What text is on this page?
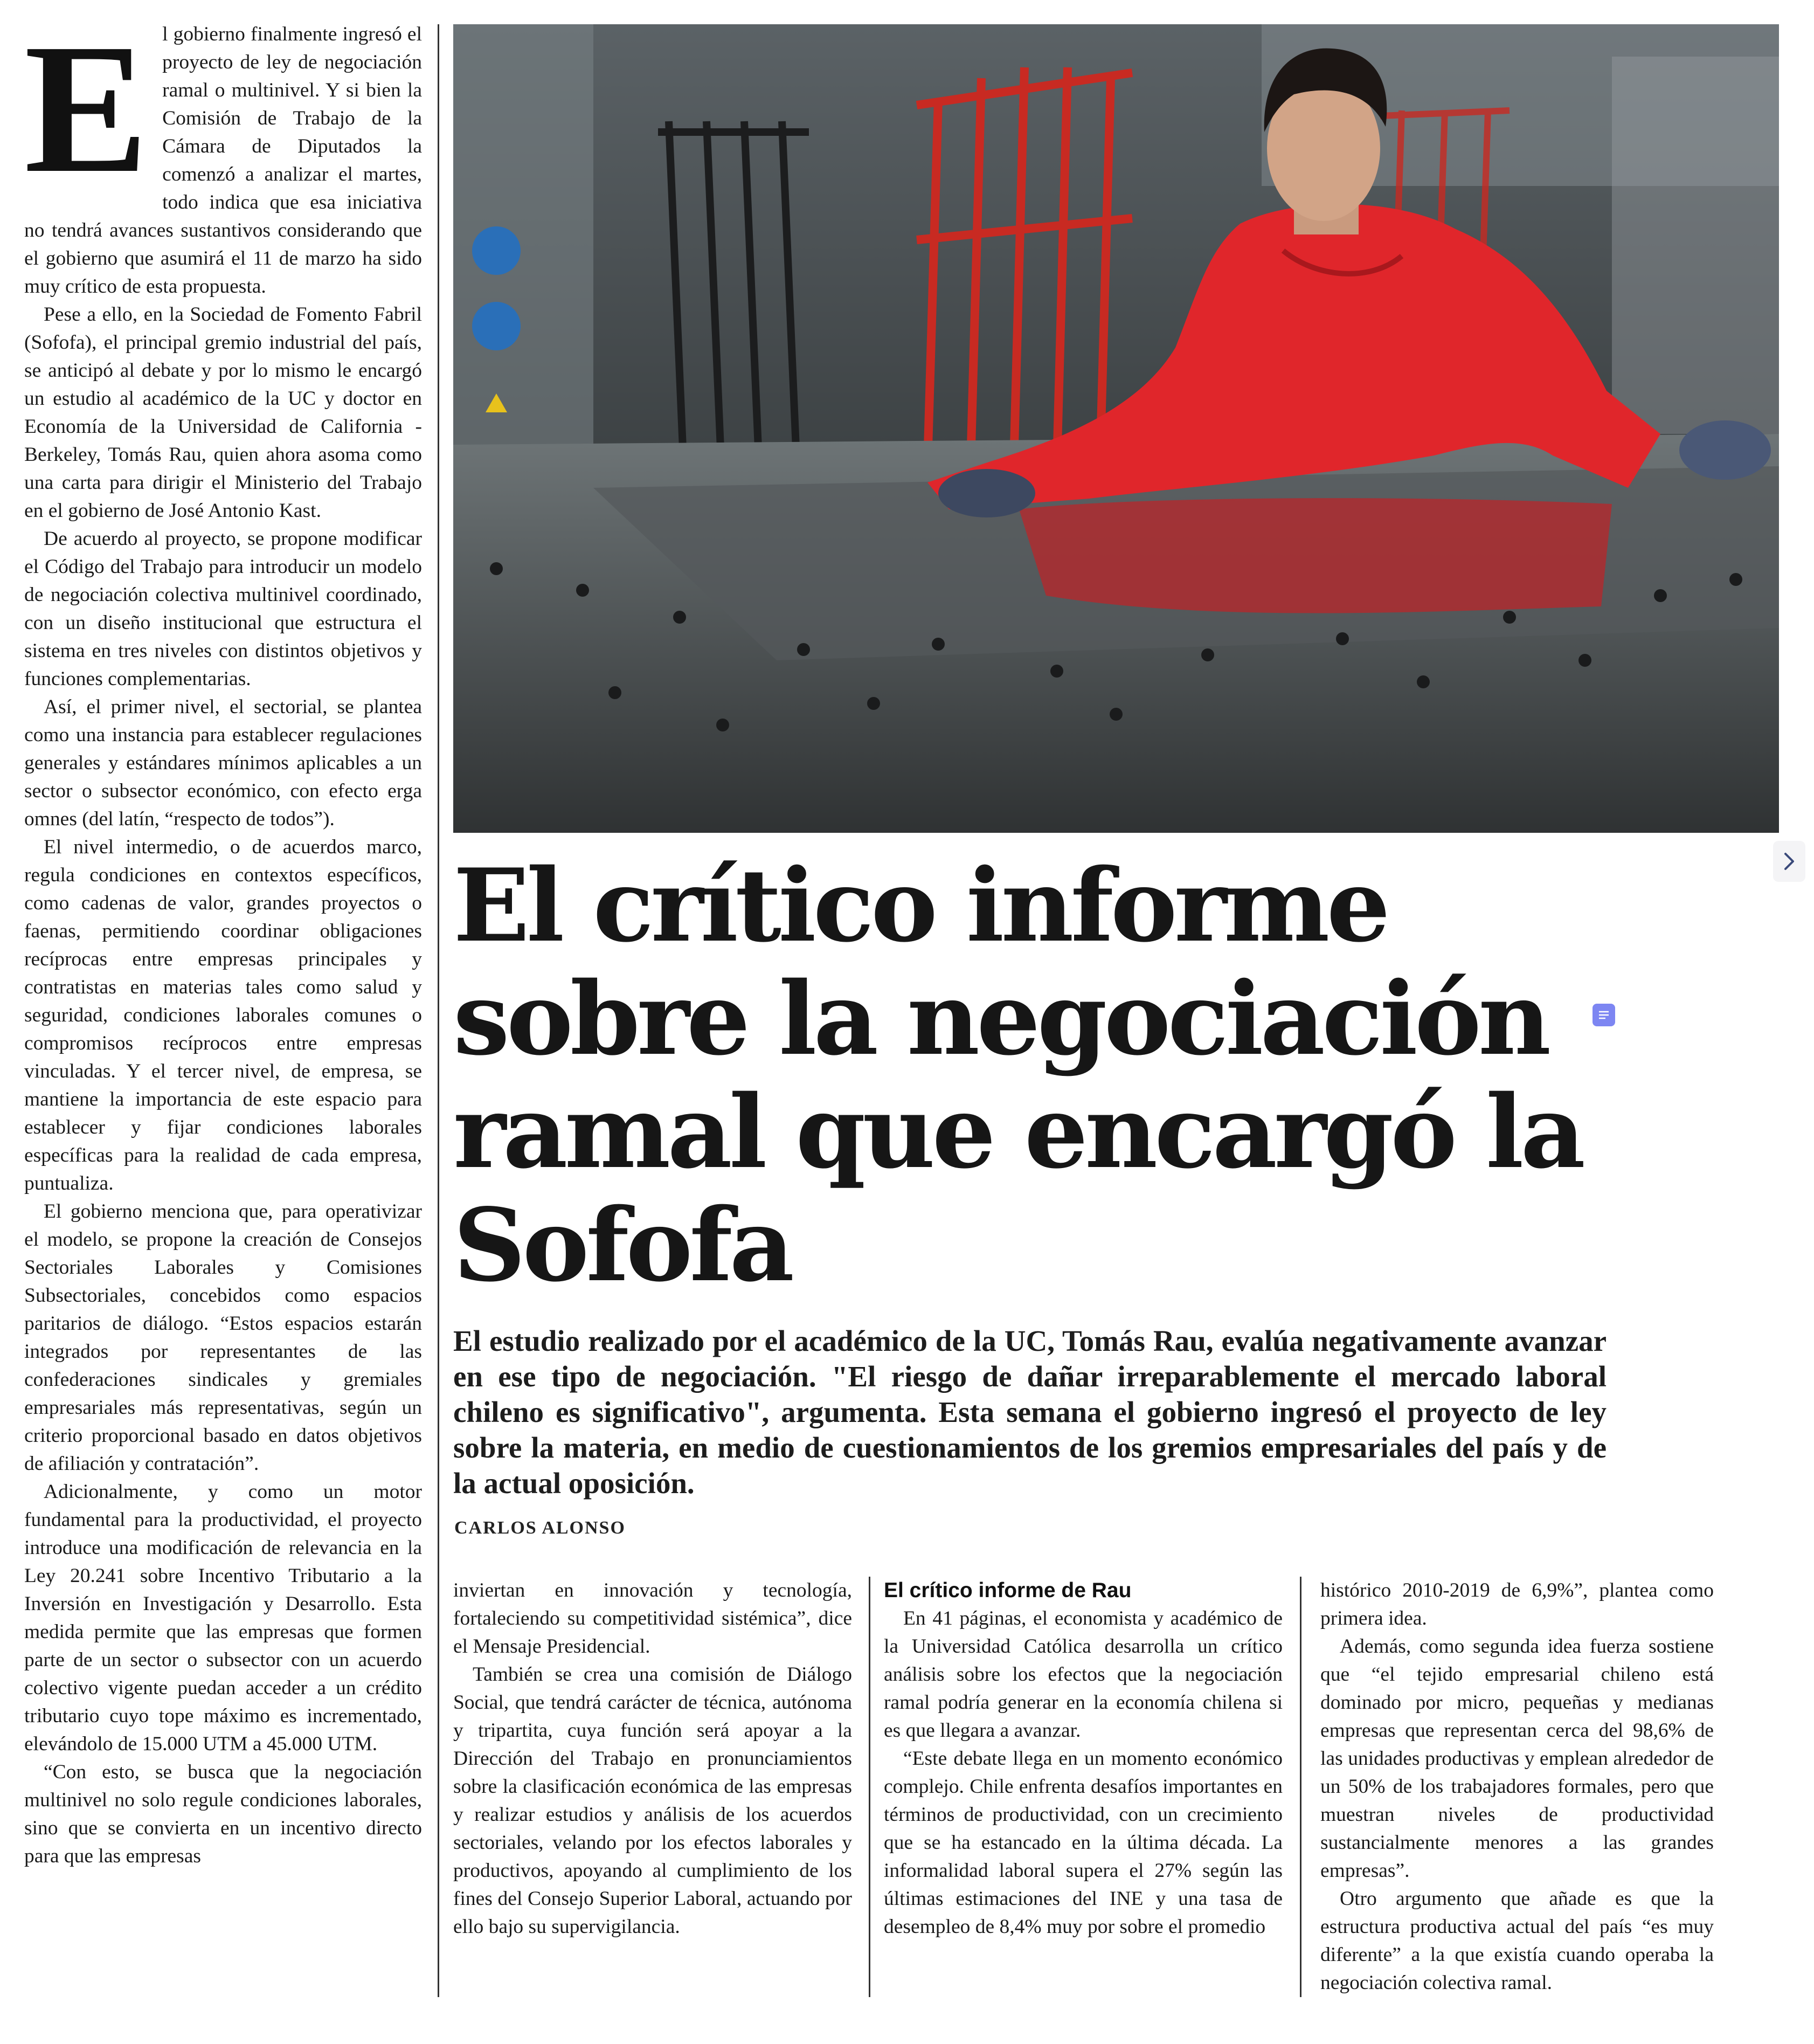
E l gobierno finalmente ingresó el proyecto de ley de negociación ramal o multinivel. Y si bien la Comisión de Trabajo de la Cámara de Diputados la comenzó a analizar el martes, todo indica que esa iniciativa no tendrá avances sustantivos considerando que el gobierno que asumirá el 11 de marzo ha sido muy crítico de esta propuesta.

Pese a ello, en la Sociedad de Fomento Fabril (Sofofa), el principal gremio industrial del país, se anticipó al debate y por lo mismo le encargó un estudio al académico de la UC y doctor en Economía de la Universidad de California - Berkeley, Tomás Rau, quien ahora asoma como una carta para dirigir el Ministerio del Trabajo en el gobierno de José Antonio Kast.

De acuerdo al proyecto, se propone modificar el Código del Trabajo para introducir un modelo de negociación colectiva multinivel coordinado, con un diseño institucional que estructura el sistema en tres niveles con distintos objetivos y funciones complementarias.

Así, el primer nivel, el sectorial, se plantea como una instancia para establecer regulaciones generales y estándares mínimos aplicables a un sector o subsector económico, con efecto erga omnes (del latín, “respecto de todos”).

El nivel intermedio, o de acuerdos marco, regula condiciones en contextos específicos, como cadenas de valor, grandes proyectos o faenas, permitiendo coordinar obligaciones recíprocas entre empresas principales y contratistas en materias tales como salud y seguridad, condiciones laborales comunes o compromisos recíprocos entre empresas vinculadas. Y el tercer nivel, de empresa, se mantiene la importancia de este espacio para establecer y fijar condiciones laborales específicas para la realidad de cada empresa, puntualiza.

El gobierno menciona que, para operativizar el modelo, se propone la creación de Consejos Sectoriales Laborales y Comisiones Subsectoriales, concebidos como espacios paritarios de diálogo. “Estos espacios estarán integrados por representantes de las confederaciones sindicales y gremiales empresariales más representativas, según un criterio proporcional basado en datos objetivos de afiliación y contratación”.

Adicionalmente, y como un motor fundamental para la productividad, el proyecto introduce una modificación de relevancia en la Ley 20.241 sobre Incentivo Tributario a la Inversión en Investigación y Desarrollo. Esta medida permite que las empresas que formen parte de un sector o subsector con un acuerdo colectivo vigente puedan acceder a un crédito tributario cuyo tope máximo es incrementado, elevándolo de 15.000 UTM a 45.000 UTM.

“Con esto, se busca que la negociación multinivel no solo regule condiciones laborales, sino que se convierta en un incentivo directo para que las empresas

El crítico informe sobre la negociación ramal que encargó la Sofofa

El estudio realizado por el académico de la UC, Tomás Rau, evalúa negativamente avanzar en ese tipo de negociación. "El riesgo de dañar irreparablemente el mercado laboral chileno es significativo", argumenta. Esta semana el gobierno ingresó el proyecto de ley sobre la materia, en medio de cuestionamientos de los gremios empresariales del país y de la actual oposición.

CARLOS ALONSO

inviertan en innovación y tecnología, fortaleciendo su competitividad sistémica”, dice el Mensaje Presidencial.

También se crea una comisión de Diálogo Social, que tendrá carácter de técnica, autónoma y tripartita, cuya función será apoyar a la Dirección del Trabajo en pronunciamientos sobre la clasificación económica de las empresas y realizar estudios y análisis de los acuerdos sectoriales, velando por los efectos laborales y productivos, apoyando al cumplimiento de los fines del Consejo Superior Laboral, actuando por ello bajo su supervigilancia.

El crítico informe de Rau

En 41 páginas, el economista y académico de la Universidad Católica desarrolla un crítico análisis sobre los efectos que la negociación ramal podría generar en la economía chilena si es que llegara a avanzar.

“Este debate llega en un momento económico complejo. Chile enfrenta desafíos importantes en términos de productividad, con un crecimiento que se ha estancado en la última década. La informalidad laboral supera el 27% según las últimas estimaciones del INE y una tasa de desempleo de 8,4% muy por sobre el promedio

histórico 2010-2019 de 6,9%”, plantea como primera idea.

Además, como segunda idea fuerza sostiene que “el tejido empresarial chileno está dominado por micro, pequeñas y medianas empresas que representan cerca del 98,6% de las unidades productivas y emplean alrededor de un 50% de los trabajadores formales, pero que muestran niveles de productividad sustancialmente menores a las grandes empresas”.

Otro argumento que añade es que la estructura productiva actual del país “es muy diferente” a la que existía cuando operaba la negociación colectiva ramal.
